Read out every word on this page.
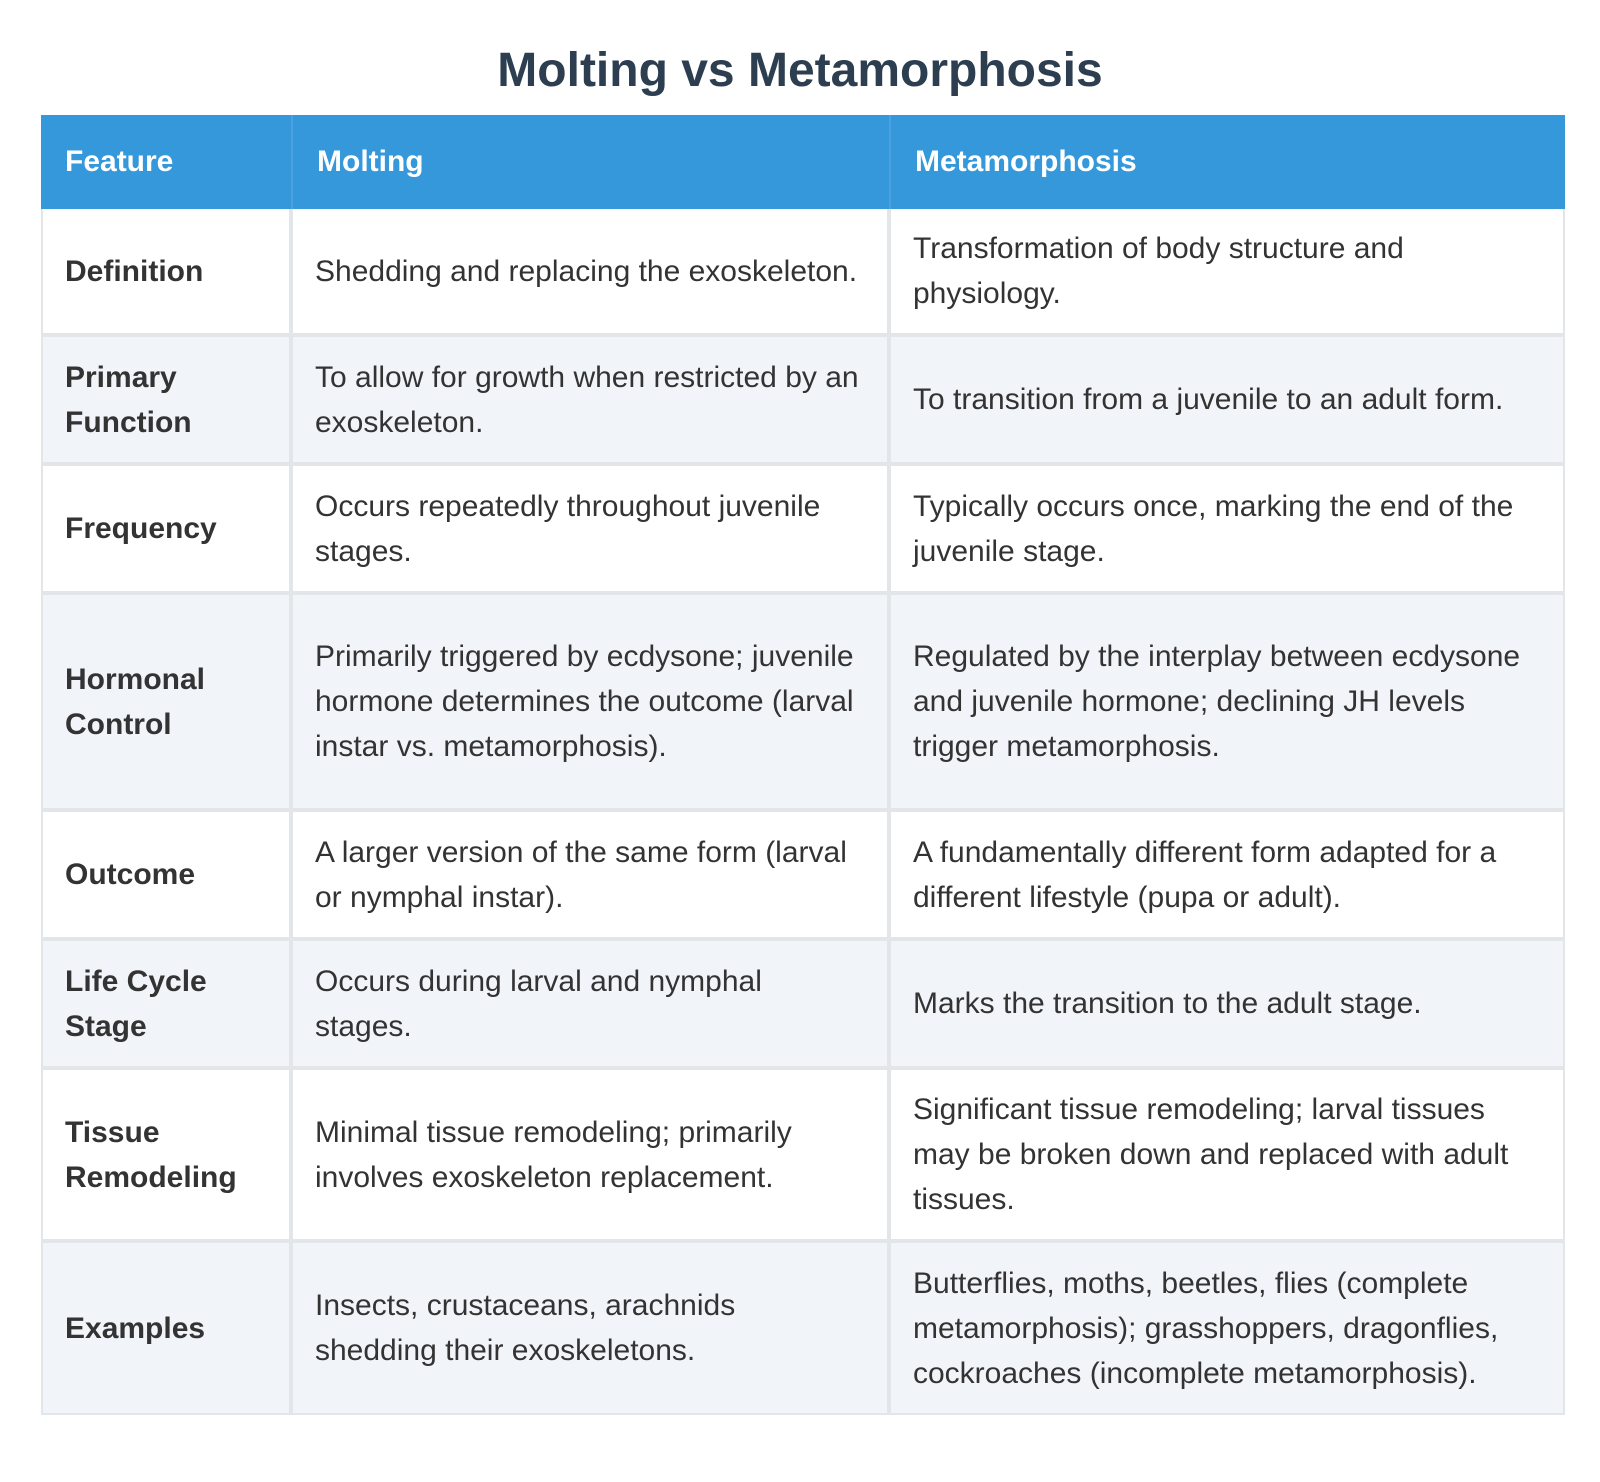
Molting vs Metamorphosis
Feature	Molting	Metamorphosis
Definition	Shedding and replacing the exoskeleton.	Transformation of body structure and physiology.
Primary Function	To allow for growth when restricted by an exoskeleton.	To transition from a juvenile to an adult form.
Frequency	Occurs repeatedly throughout juvenile stages.	Typically occurs once, marking the end of the juvenile stage.
Hormonal Control	Primarily triggered by ecdysone; juvenile hormone determines the outcome (larval instar vs. metamorphosis).	Regulated by the interplay between ecdysone and juvenile hormone; declining JH levels trigger metamorphosis.
Outcome	A larger version of the same form (larval or nymphal instar).	A fundamentally different form adapted for a different lifestyle (pupa or adult).
Life Cycle Stage	Occurs during larval and nymphal stages.	Marks the transition to the adult stage.
Tissue Remodeling	Minimal tissue remodeling; primarily involves exoskeleton replacement.	Significant tissue remodeling; larval tissues may be broken down and replaced with adult tissues.
Examples	Insects, crustaceans, arachnids shedding their exoskeletons.	Butterflies, moths, beetles, flies (complete metamorphosis); grasshoppers, dragonflies, cockroaches (incomplete metamorphosis).
